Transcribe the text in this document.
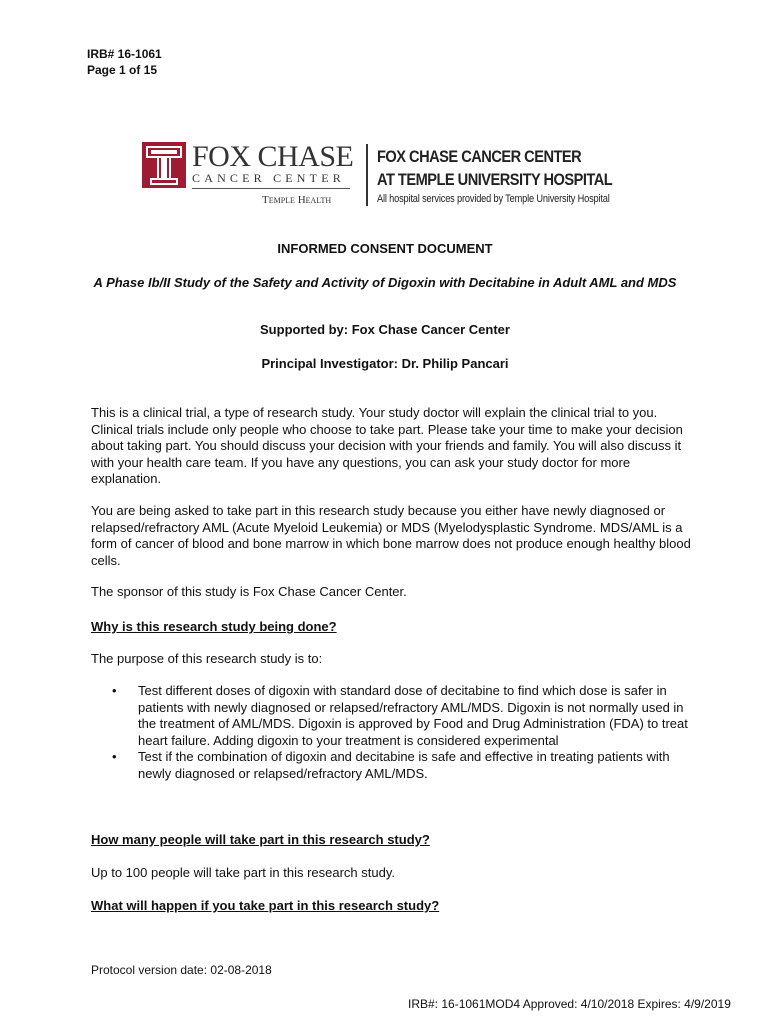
IRB# 16-1061
Page 1 of 15
FOX CHASE
CANCER CENTER
Temple Health
FOX CHASE CANCER CENTER
AT TEMPLE UNIVERSITY HOSPITAL
All hospital services provided by Temple University Hospital
INFORMED CONSENT DOCUMENT
A Phase Ib/II Study of the Safety and Activity of Digoxin with Decitabine in Adult AML and MDS
Supported by: Fox Chase Cancer Center
Principal Investigator: Dr. Philip Pancari
This is a clinical trial, a type of research study. Your study doctor will explain the clinical trial to you. Clinical trials include only people who choose to take part. Please take your time to make your decision about taking part. You should discuss your decision with your friends and family. You will also discuss it with your health care team. If you have any questions, you can ask your study doctor for more explanation.
You are being asked to take part in this research study because you either have newly diagnosed or relapsed/refractory AML (Acute Myeloid Leukemia) or MDS (Myelodysplastic Syndrome. MDS/AML is a form of cancer of blood and bone marrow in which bone marrow does not produce enough healthy blood cells.
The sponsor of this study is Fox Chase Cancer Center.
Why is this research study being done?
The purpose of this research study is to:
• Test different doses of digoxin with standard dose of decitabine to find which dose is safer in patients with newly diagnosed or relapsed/refractory AML/MDS. Digoxin is not normally used in the treatment of AML/MDS. Digoxin is approved by Food and Drug Administration (FDA) to treat heart failure. Adding digoxin to your treatment is considered experimental
• Test if the combination of digoxin and decitabine is safe and effective in treating patients with newly diagnosed or relapsed/refractory AML/MDS.
How many people will take part in this research study?
Up to 100 people will take part in this research study.
What will happen if you take part in this research study?
Protocol version date: 02-08-2018
IRB#: 16-1061MOD4 Approved: 4/10/2018 Expires: 4/9/2019
